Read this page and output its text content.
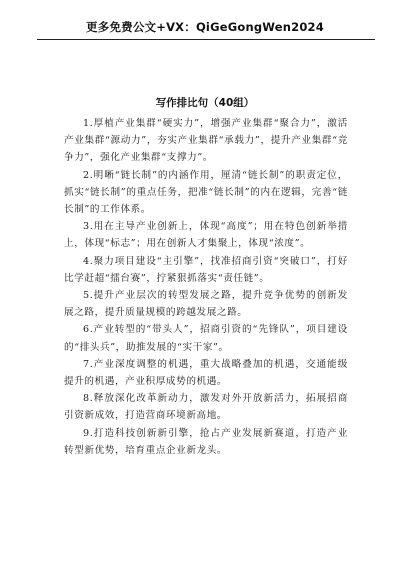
更多免费公文+VX：QiGeGongWen2024
写作排比句（40组）
1.厚植产业集群“硬实力”，增强产业集群“聚合力”，激活产业集群“源动力”，夯实产业集群“承载力”，提升产业集群“竞争力”，强化产业集群“支撑力”。
2.明晰“链长制”的内涵作用，厘清“链长制”的职责定位，抓实“链长制”的重点任务，把准“链长制”的内在逻辑，完善“链长制”的工作体系。
3.用在主导产业创新上，体现“高度”；用在特色创新举措上，体现“标志”；用在创新人才集聚上，体现“浓度”。
4.聚力项目建设“主引擎”，找准招商引资“突破口”，打好比学赶超“擂台赛”，拧紧狠抓落实“责任链”。
5.提升产业层次的转型发展之路，提升竞争优势的创新发展之路，提升质量规模的跨越发展之路。
6.产业转型的“带头人”，招商引资的“先锋队”，项目建设的“排头兵”，助推发展的“实干家”。
7.产业深度调整的机遇，重大战略叠加的机遇，交通能级提升的机遇，产业积厚成势的机遇。
8.释放深化改革新动力，激发对外开放新活力，拓展招商引资新成效，打造营商环境新高地。
9.打造科技创新新引擎，抢占产业发展新赛道，打造产业转型新优势，培育重点企业新龙头。
